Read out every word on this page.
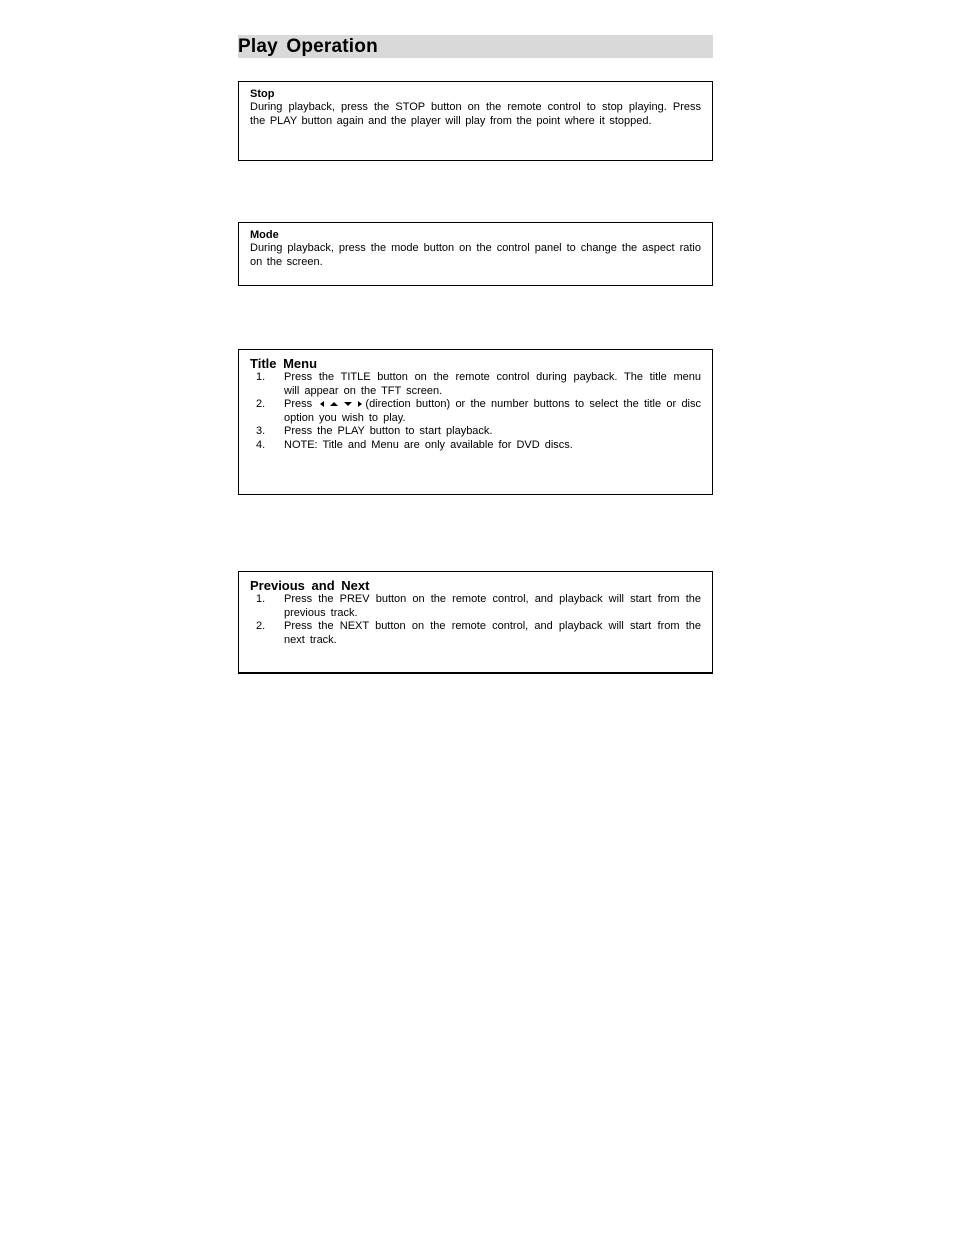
Play Operation
Stop

During playback, press the STOP button on the remote control to stop playing. Press the PLAY button again and the player will play from the point where it stopped.

Mode

During playback, press the mode button on the control panel to change the aspect ratio on the screen.

Title Menu
1.	Press the TITLE button on the remote control during payback. The title menu will appear on the TFT screen.
2.	Press	(direction button) or the number buttons to select the title or disc option you wish to play.
3.	Press the PLAY button to start playback.
4.	NOTE: Title and Menu are only available for DVD discs.
Previous and Next
1.	Press the PREV button on the remote control, and playback will start from the previous track.
2.	Press the NEXT button on the remote control, and playback will start from the next track.
